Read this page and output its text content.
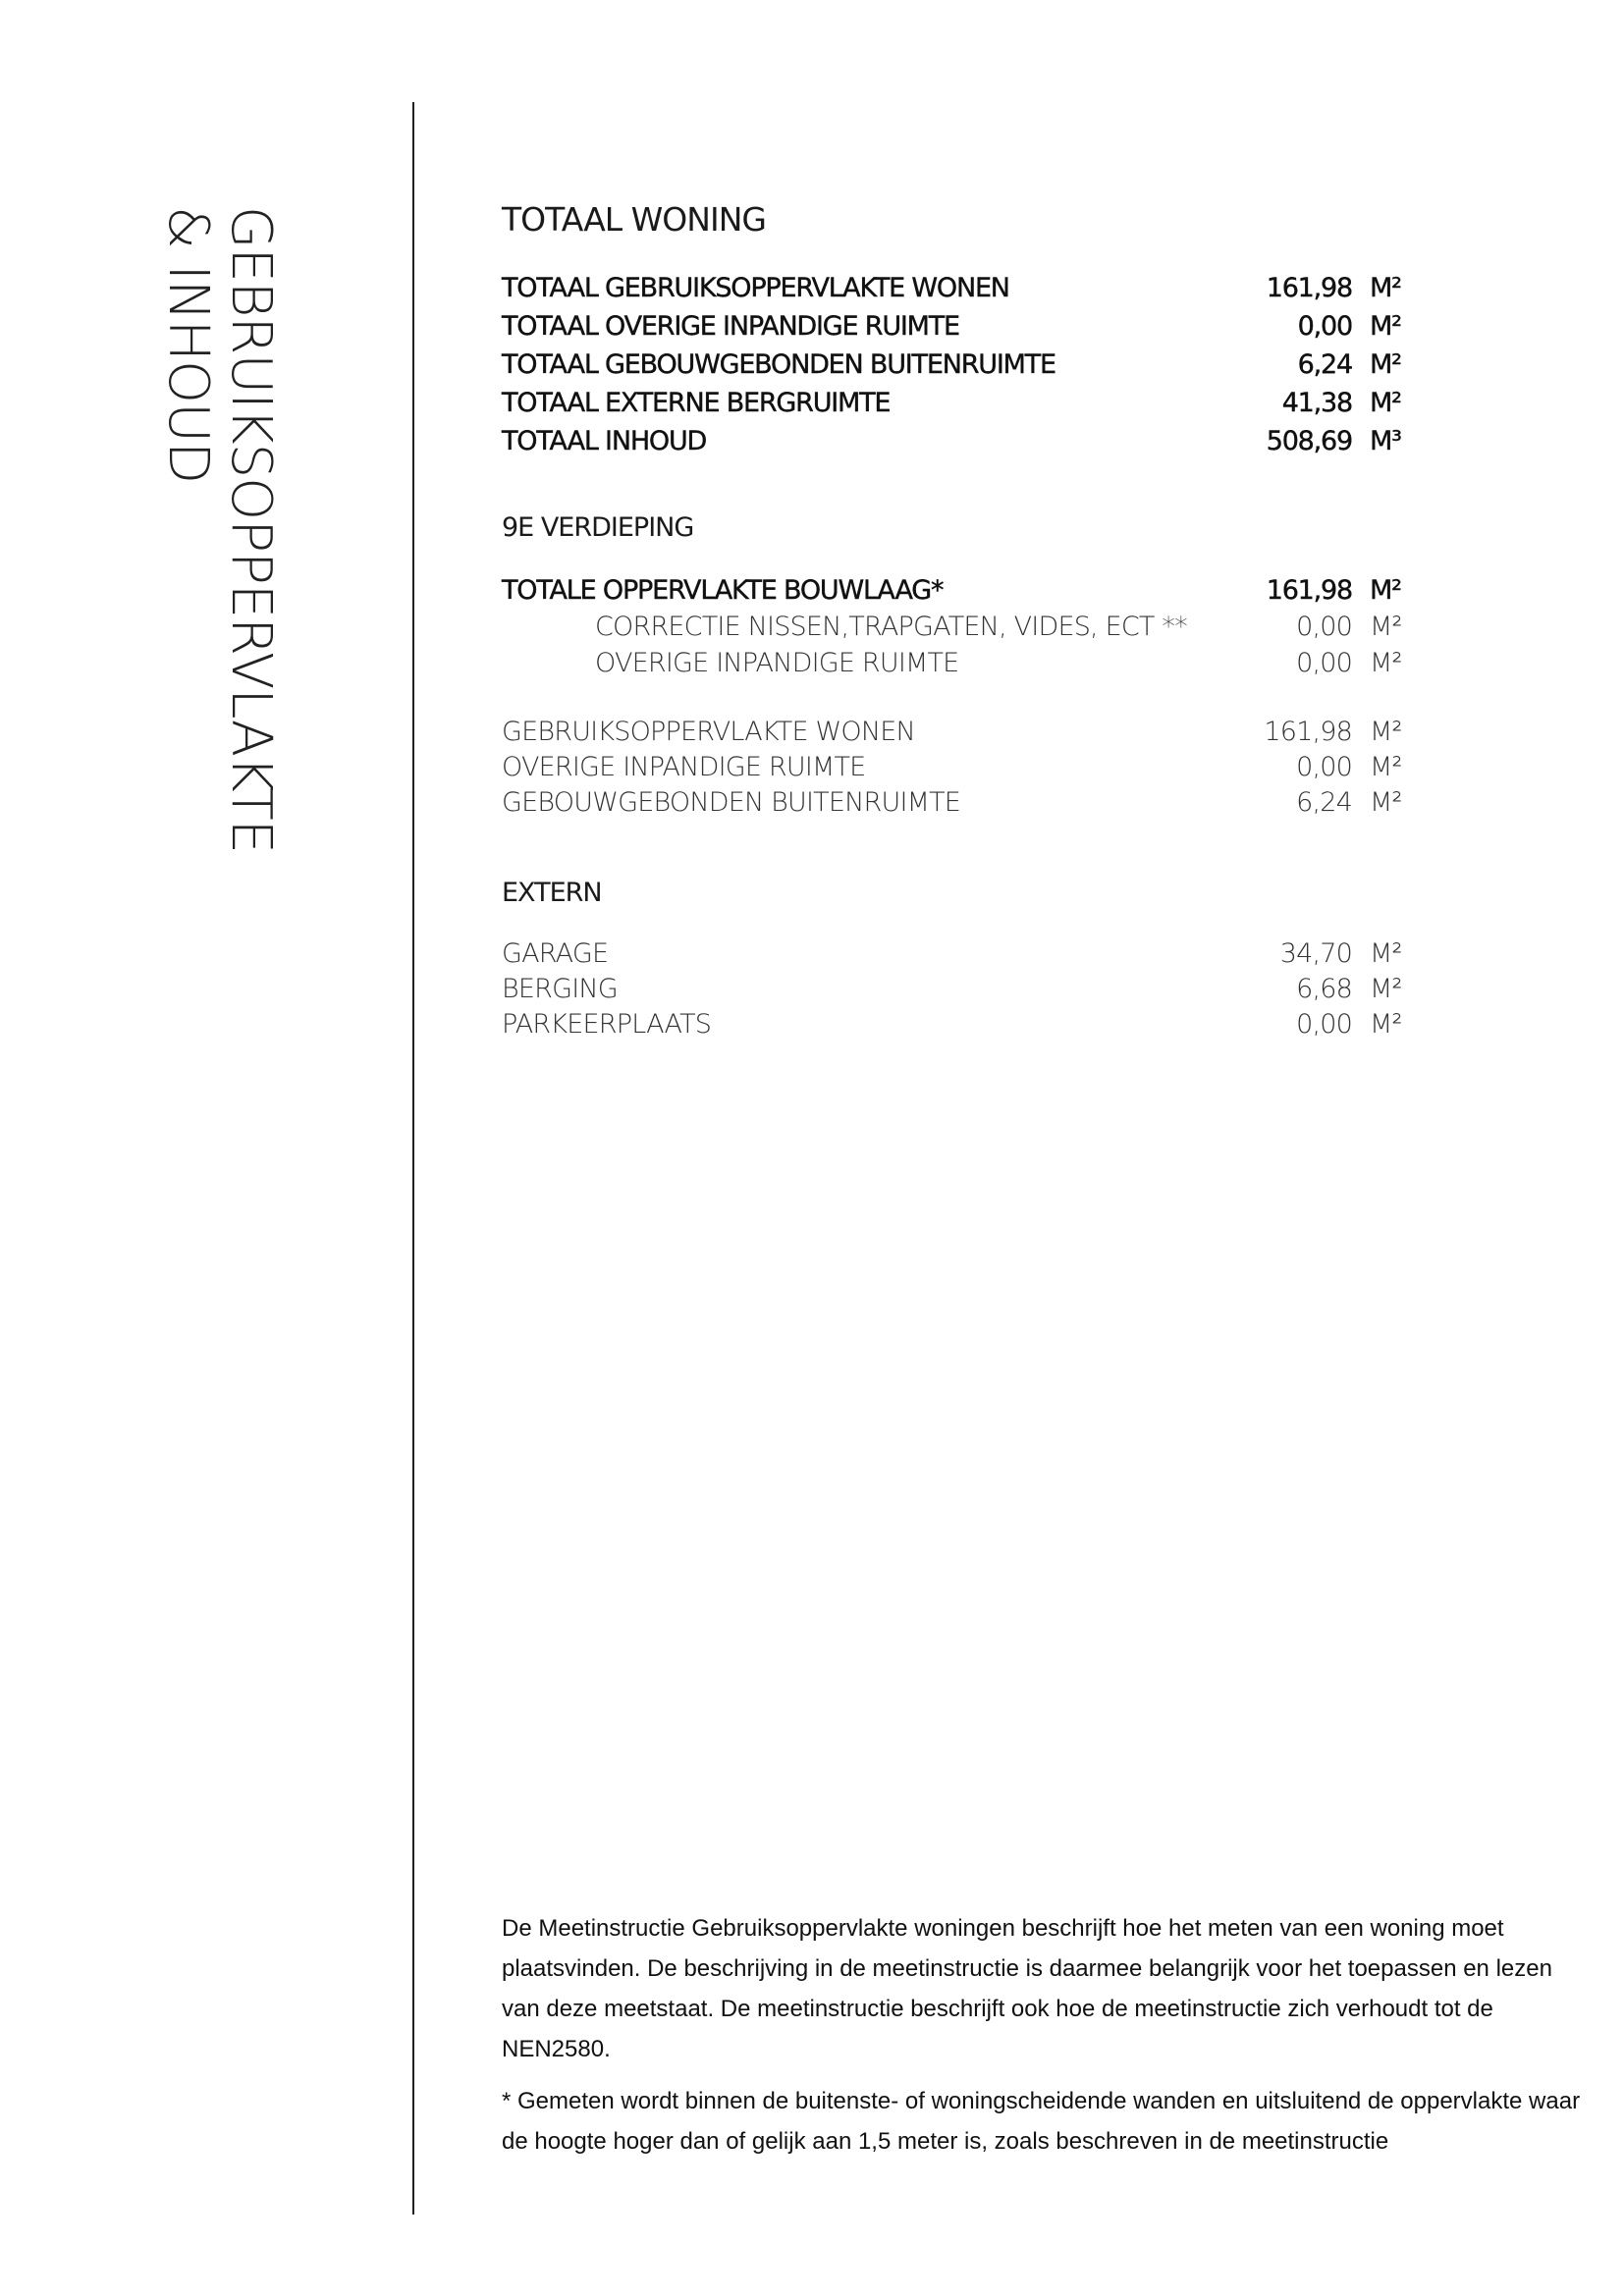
GEBRUIKSOPPERVLAKTE
& INHOUD	TOTAAL WONING
TOTAAL GEBRUIKSOPPERVLAKTE WONEN	161,98 M²
TOTAAL OVERIGE INPANDIGE RUIMTE	0,00 M²
TOTAAL GEBOUWGEBONDEN BUITENRUIMTE	6,24 M²
TOTAAL EXTERNE BERGRUIMTE	41,38 M²
TOTAAL INHOUD	508,69 M³
9E VERDIEPING
TOTALE OPPERVLAKTE BOUWLAAG*	161,98 M²
CORRECTIE NISSEN,TRAPGATEN, VIDES, ECT **	0,00 M²
OVERIGE INPANDIGE RUIMTE	0,00 M²
GEBRUIKSOPPERVLAKTE WONEN	161,98 M²
OVERIGE INPANDIGE RUIMTE	0,00 M²
GEBOUWGEBONDEN BUITENRUIMTE	6,24 M²
EXTERN
GARAGE	34,70 M²
BERGING	6,68 M²
PARKEERPLAATS	0,00 M²

De Meetinstructie Gebruiksoppervlakte woningen beschrijft hoe het meten van een woning moet plaatsvinden. De beschrijving in de meetinstructie is daarmee belangrijk voor het toepassen en lezen van deze meetstaat. De meetinstructie beschrijft ook hoe de meetinstructie zich verhoudt tot de NEN2580.

* Gemeten wordt binnen de buitenste- of woningscheidende wanden en uitsluitend de oppervlakte waar de hoogte hoger dan of gelijk aan 1,5 meter is, zoals beschreven in de meetinstructie
